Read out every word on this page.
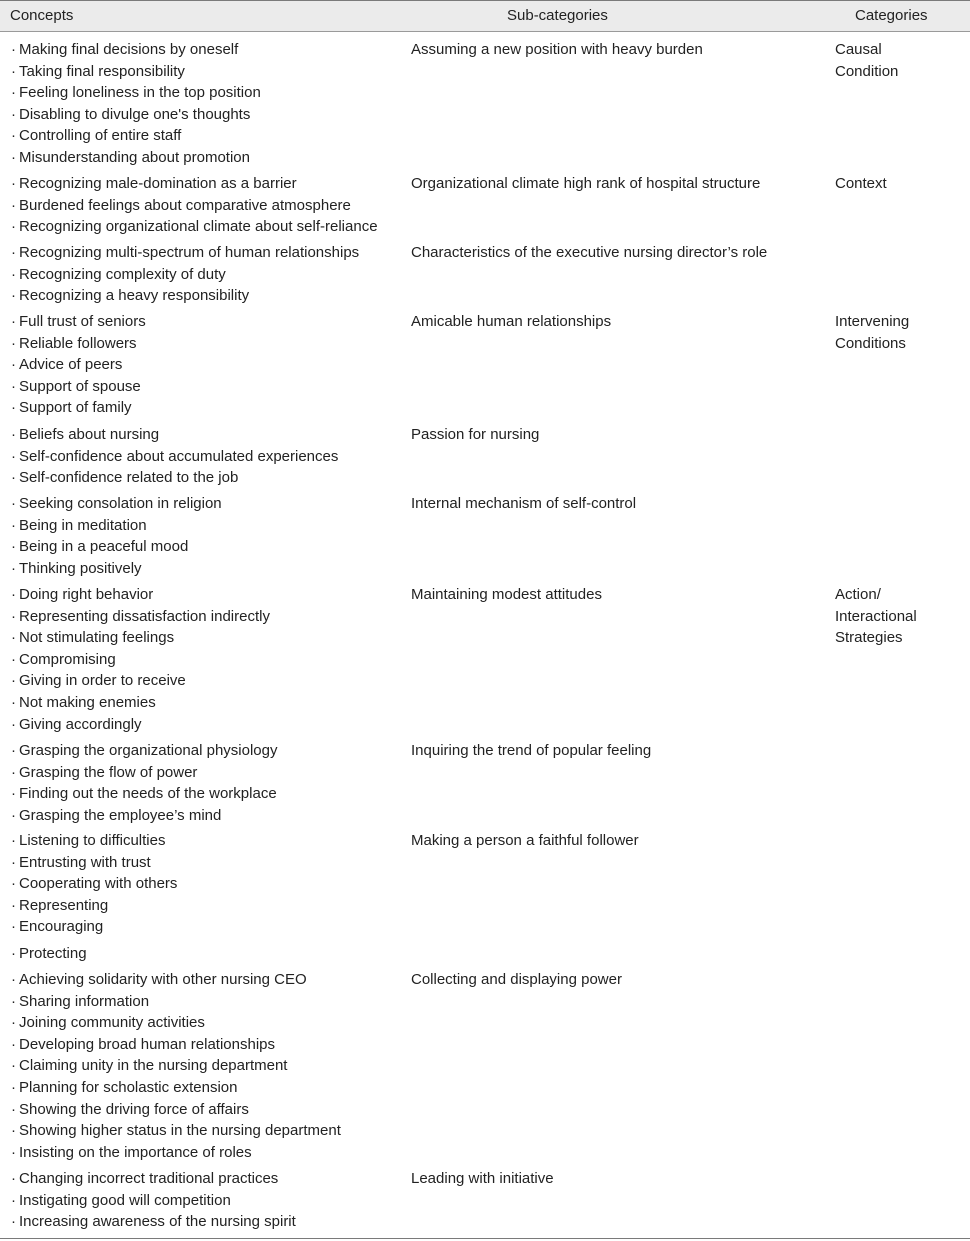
Concepts	Sub-categories	Categories
· Making final decisions by oneself
· Taking final responsibility
· Feeling loneliness in the top position
· Disabling to divulge one's thoughts
· Controlling of entire staff
· Misunderstanding about promotion
Assuming a new position with heavy burden	Causal
Condition
· Recognizing male-domination as a barrier
· Burdened feelings about comparative atmosphere
· Recognizing organizational climate about self-reliance
Organizational climate high rank of hospital structure	Context
· Recognizing multi-spectrum of human relationships
· Recognizing complexity of duty
· Recognizing a heavy responsibility
Characteristics of the executive nursing director’s role
· Full trust of seniors
· Reliable followers
· Advice of peers
· Support of spouse
· Support of family
Amicable human relationships	Intervening
Conditions
· Beliefs about nursing
· Self-confidence about accumulated experiences
· Self-confidence related to the job
Passion for nursing
· Seeking consolation in religion
· Being in meditation
· Being in a peaceful mood
· Thinking positively
Internal mechanism of self-control
· Doing right behavior
· Representing dissatisfaction indirectly
· Not stimulating feelings
· Compromising
· Giving in order to receive
· Not making enemies
· Giving accordingly
Maintaining modest attitudes	Action/
Interactional
Strategies
· Grasping the organizational physiology
· Grasping the flow of power
· Finding out the needs of the workplace
· Grasping the employee’s mind
Inquiring the trend of popular feeling
· Listening to difficulties
· Entrusting with trust
· Cooperating with others
· Representing
· Encouraging
Making a person a faithful follower
· Protecting
· Achieving solidarity with other nursing CEO
· Sharing information
· Joining community activities
· Developing broad human relationships
· Claiming unity in the nursing department
· Planning for scholastic extension
· Showing the driving force of affairs
· Showing higher status in the nursing department
· Insisting on the importance of roles
Collecting and displaying power
· Changing incorrect traditional practices
· Instigating good will competition
· Increasing awareness of the nursing spirit
Leading with initiative
